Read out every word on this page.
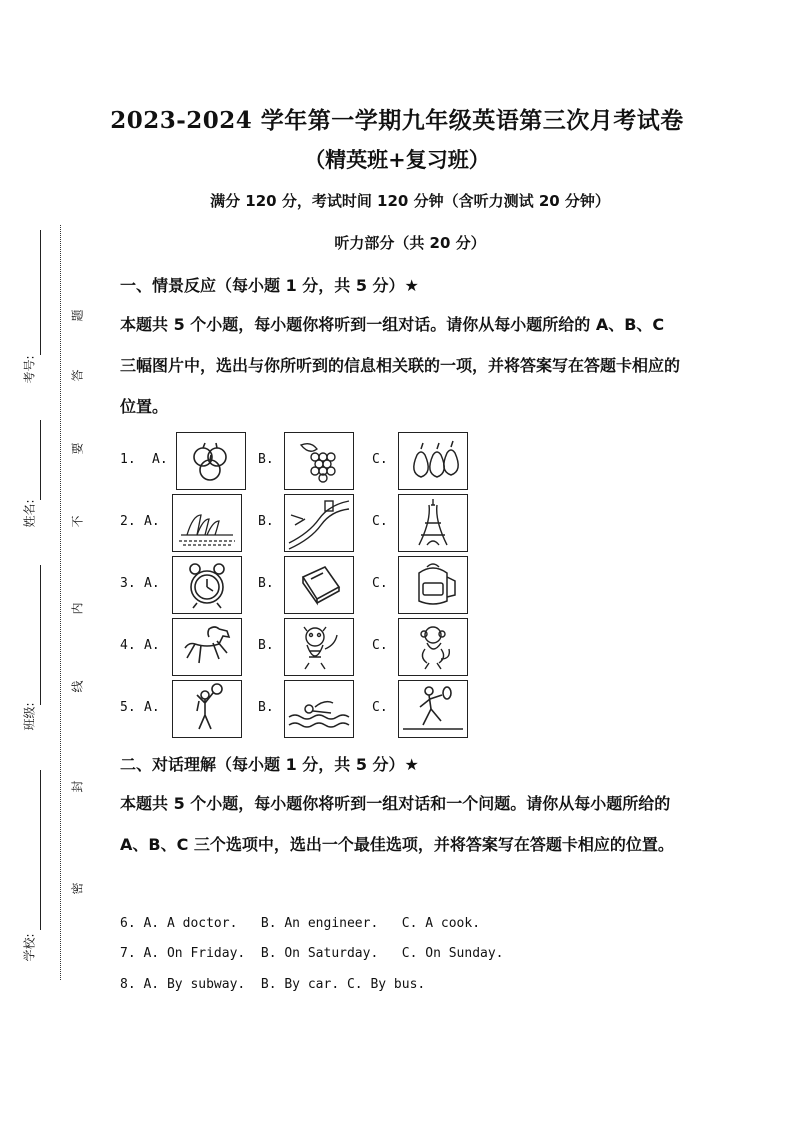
考号:
姓名:
班级:
学校:
题
答
要
不
内
线
封
密
2023-2024 学年第一学期九年级英语第三次月考试卷
（精英班+复习班）
满分 120 分，考试时间 120 分钟（含听力测试 20 分钟）
听力部分（共 20 分）
一、情景反应（每小题 1 分，共 5 分）★
本题共 5 个小题，每小题你将听到一组对话。请你从每小题所给的 A、B、C 三幅图片中，选出与你所听到的信息相关联的一项，并将答案写在答题卡相应的位置。
1. A.	B.	C.
2. A.	B.	C.
3. A.	B.	C.
4. A.	B.	C.
5. A.	B.	C.
二、对话理解（每小题 1 分，共 5 分）★
本题共 5 个小题，每小题你将听到一组对话和一个问题。请你从每小题所给的 A、B、C 三个选项中，选出一个最佳选项，并将答案写在答题卡相应的位置。
6. A. A doctor.   B. An engineer.   C. A cook.
7. A. On Friday.  B. On Saturday.   C. On Sunday.
8. A. By subway.  B. By car. C. By bus.
